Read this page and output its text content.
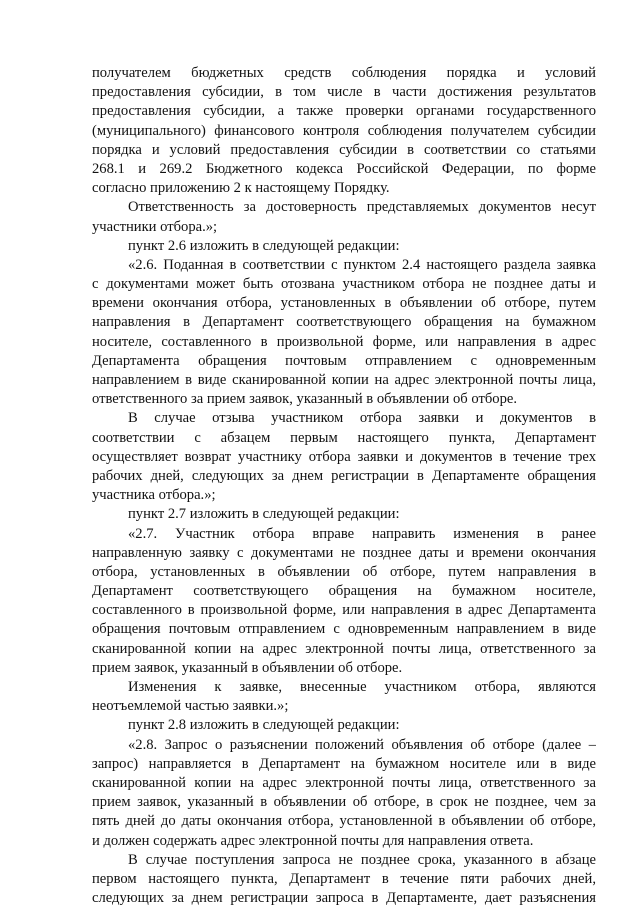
получателем бюджетных средств соблюдения порядка и условий
предоставления субсидии, в том числе в части достижения результатов
предоставления субсидии, а также проверки органами государственного
(муниципального) финансового контроля соблюдения получателем субсидии
порядка и условий предоставления субсидии в соответствии со статьями
268.1 и 269.2 Бюджетного кодекса Российской Федерации, по форме
согласно приложению 2 к настоящему Порядку.
Ответственность за достоверность представляемых документов несут
участники отбора.»;
пункт 2.6 изложить в следующей редакции:
«2.6. Поданная в соответствии с пунктом 2.4 настоящего раздела заявка
с документами может быть отозвана участником отбора не позднее даты и
времени окончания отбора, установленных в объявлении об отборе, путем
направления в Департамент соответствующего обращения на бумажном
носителе, составленного в произвольной форме, или направления в адрес
Департамента обращения почтовым отправлением с одновременным
направлением в виде сканированной копии на адрес электронной почты лица,
ответственного за прием заявок, указанный в объявлении об отборе.
В случае отзыва участником отбора заявки и документов в
соответствии с абзацем первым настоящего пункта, Департамент
осуществляет возврат участнику отбора заявки и документов в течение трех
рабочих дней, следующих за днем регистрации в Департаменте обращения
участника отбора.»;
пункт 2.7 изложить в следующей редакции:
«2.7. Участник отбора вправе направить изменения в ранее
направленную заявку с документами не позднее даты и времени окончания
отбора, установленных в объявлении об отборе, путем направления в
Департамент соответствующего обращения на бумажном носителе,
составленного в произвольной форме, или направления в адрес Департамента
обращения почтовым отправлением с одновременным направлением в виде
сканированной копии на адрес электронной почты лица, ответственного за
прием заявок, указанный в объявлении об отборе.
Изменения к заявке, внесенные участником отбора, являются
неотъемлемой частью заявки.»;
пункт 2.8 изложить в следующей редакции:
«2.8. Запрос о разъяснении положений объявления об отборе (далее –
запрос) направляется в Департамент на бумажном носителе или в виде
сканированной копии на адрес электронной почты лица, ответственного за
прием заявок, указанный в объявлении об отборе, в срок не позднее, чем за
пять дней до даты окончания отбора, установленной в объявлении об отборе,
и должен содержать адрес электронной почты для направления ответа.
В случае поступления запроса не позднее срока, указанного в абзаце
первом настоящего пункта, Департамент в течение пяти рабочих дней,
следующих за днем регистрации запроса в Департаменте, дает разъяснения
